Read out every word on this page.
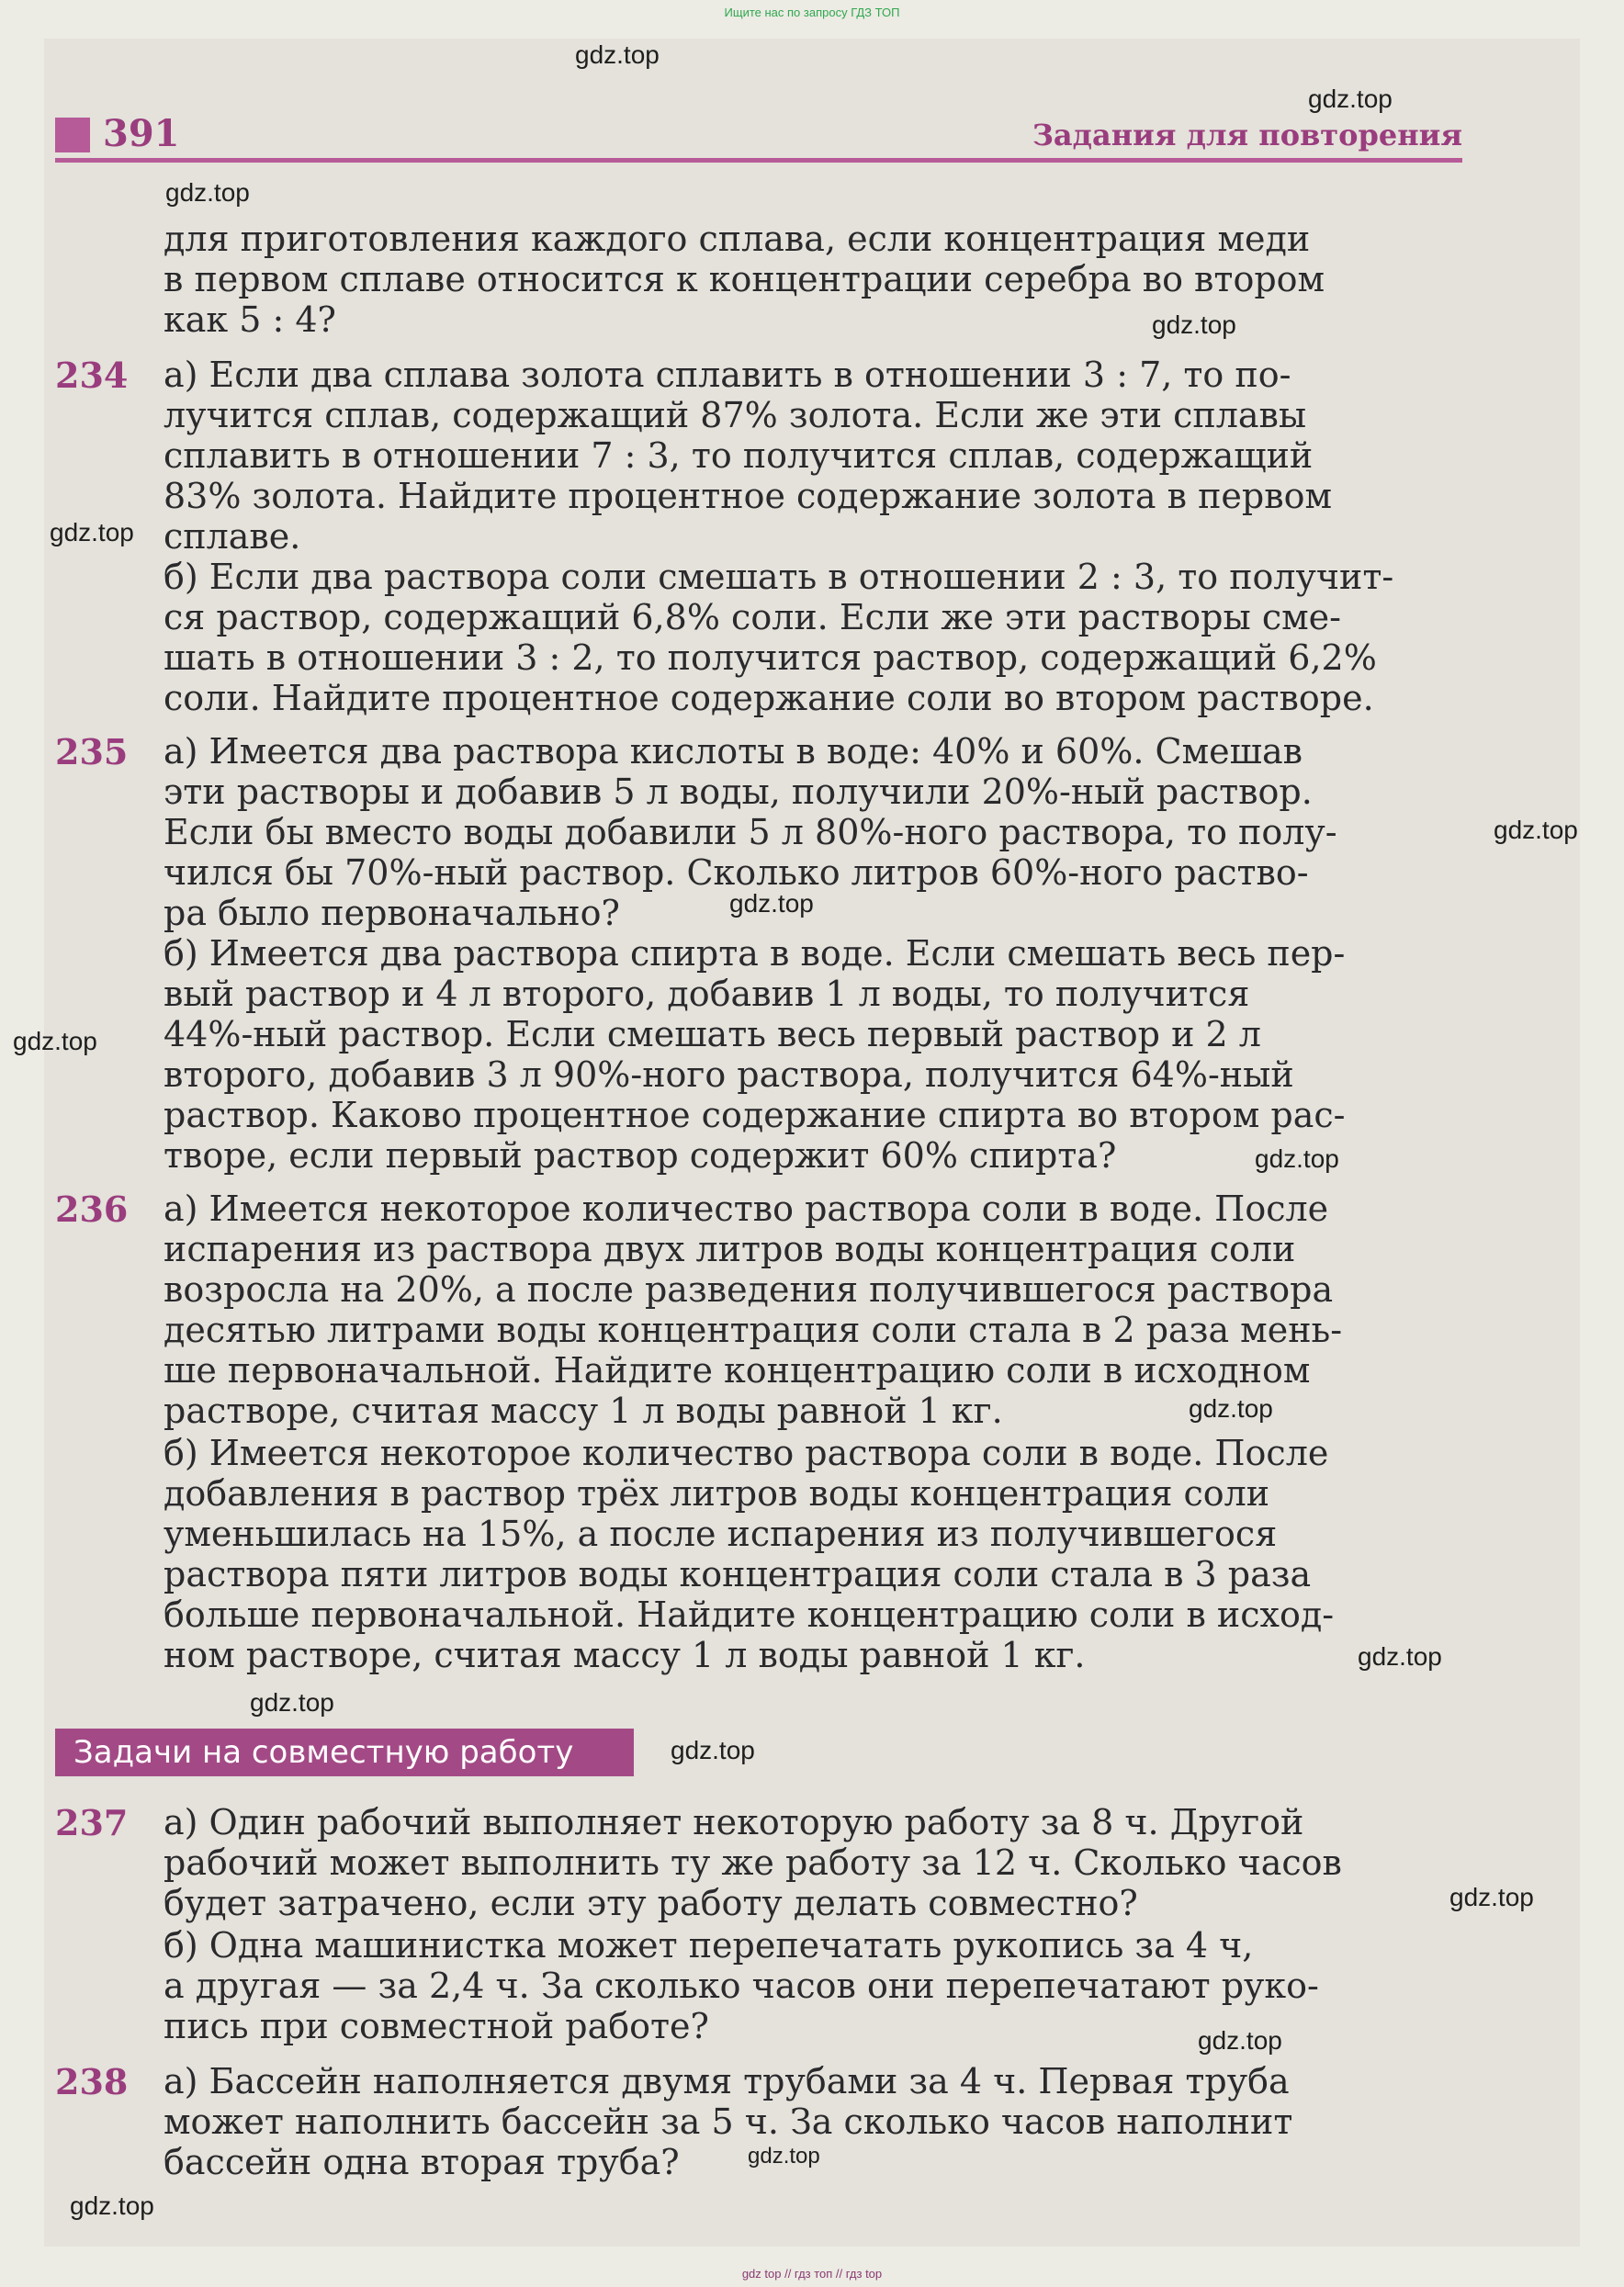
Ищите нас по запросу ГДЗ ТОП
391	Задания для повторения
для приготовления каждого сплава, если концентрация меди
в первом сплаве относится к концентрации серебра во втором
как 5 : 4?
234 а) Если два сплава золота сплавить в отношении 3 : 7, то по-
лучится сплав, содержащий 87% золота. Если же эти сплавы
сплавить в отношении 7 : 3, то получится сплав, содержащий
83% золота. Найдите процентное содержание золота в первом
сплаве.
б) Если два раствора соли смешать в отношении 2 : 3, то получит-
ся раствор, содержащий 6,8% соли. Если же эти растворы сме-
шать в отношении 3 : 2, то получится раствор, содержащий 6,2%
соли. Найдите процентное содержание соли во втором растворе.
235 а) Имеется два раствора кислоты в воде: 40% и 60%. Смешав
эти растворы и добавив 5 л воды, получили 20%-ный раствор.
Если бы вместо воды добавили 5 л 80%-ного раствора, то полу-
чился бы 70%-ный раствор. Сколько литров 60%-ного раство-
ра было первоначально?
б) Имеется два раствора спирта в воде. Если смешать весь пер-
вый раствор и 4 л второго, добавив 1 л воды, то получится
44%-ный раствор. Если смешать весь первый раствор и 2 л
второго, добавив 3 л 90%-ного раствора, получится 64%-ный
раствор. Каково процентное содержание спирта во втором рас-
творе, если первый раствор содержит 60% спирта?
236 а) Имеется некоторое количество раствора соли в воде. После
испарения из раствора двух литров воды концентрация соли
возросла на 20%, а после разведения получившегося раствора
десятью литрами воды концентрация соли стала в 2 раза мень-
ше первоначальной. Найдите концентрацию соли в исходном
растворе, считая массу 1 л воды равной 1 кг.
б) Имеется некоторое количество раствора соли в воде. После
добавления в раствор трёх литров воды концентрация соли
уменьшилась на 15%, а после испарения из получившегося
раствора пяти литров воды концентрация соли стала в 3 раза
больше первоначальной. Найдите концентрацию соли в исход-
ном растворе, считая массу 1 л воды равной 1 кг.
Задачи на совместную работу
237 а) Один рабочий выполняет некоторую работу за 8 ч. Другой
рабочий может выполнить ту же работу за 12 ч. Сколько часов
будет затрачено, если эту работу делать совместно?
б) Одна машинистка может перепечатать рукопись за 4 ч,
а другая — за 2,4 ч. За сколько часов они перепечатают руко-
пись при совместной работе?
238 а) Бассейн наполняется двумя трубами за 4 ч. Первая труба
может наполнить бассейн за 5 ч. За сколько часов наполнит
бассейн одна вторая труба?
gdz.top
gdz.top
gdz.top
gdz.top
gdz.top
gdz.top
gdz.top
gdz.top
gdz.top
gdz.top
gdz.top
gdz.top
gdz.top
gdz.top
gdz.top
gdz.top
gdz.top
gdz top // гдз топ // гдз top
